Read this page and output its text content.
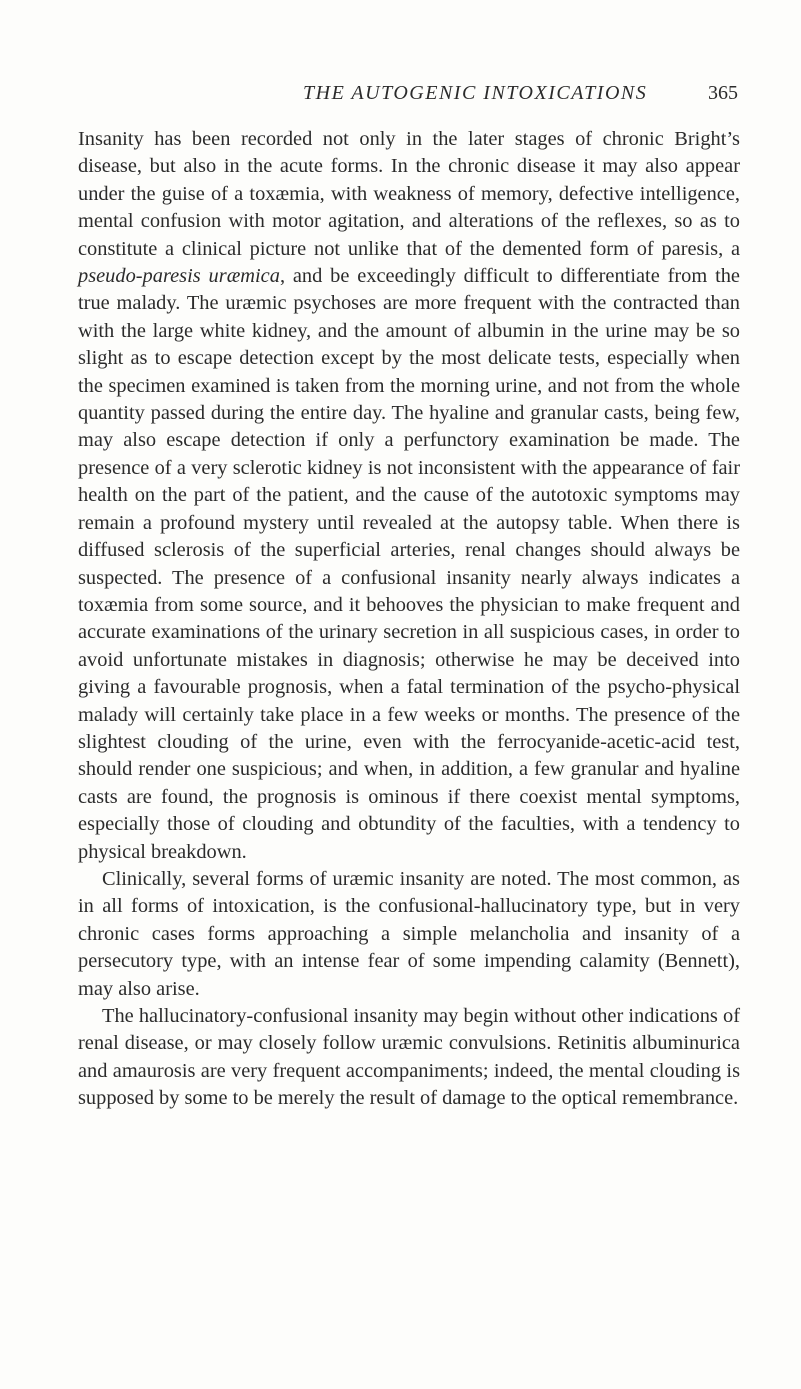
THE AUTOGENIC INTOXICATIONS	365

Insanity has been recorded not only in the later stages of chronic Bright’s disease, but also in the acute forms. In the chronic disease it may also appear under the guise of a toxæmia, with weakness of memory, defective intelligence, mental confusion with motor agitation, and alterations of the reflexes, so as to constitute a clinical picture not unlike that of the demented form of paresis, a pseudo-paresis uræmica, and be exceedingly difficult to differentiate from the true malady. The uræmic psychoses are more frequent with the contracted than with the large white kidney, and the amount of albumin in the urine may be so slight as to escape detection except by the most delicate tests, especially when the specimen examined is taken from the morning urine, and not from the whole quantity passed during the entire day. The hyaline and granular casts, being few, may also escape detection if only a perfunctory examination be made. The presence of a very sclerotic kidney is not inconsistent with the appearance of fair health on the part of the patient, and the cause of the autotoxic symptoms may remain a profound mystery until revealed at the autopsy table. When there is diffused sclerosis of the superficial arteries, renal changes should always be suspected. The presence of a confusional insanity nearly always indicates a toxæmia from some source, and it behooves the physician to make frequent and accurate examinations of the urinary secretion in all suspicious cases, in order to avoid unfortunate mistakes in diagnosis; otherwise he may be deceived into giving a favourable prognosis, when a fatal termination of the psycho-physical malady will certainly take place in a few weeks or months. The presence of the slightest clouding of the urine, even with the ferrocyanide-acetic-acid test, should render one suspicious; and when, in addition, a few granular and hyaline casts are found, the prognosis is ominous if there coexist mental symptoms, especially those of clouding and obtundity of the faculties, with a tendency to physical breakdown.

Clinically, several forms of uræmic insanity are noted. The most common, as in all forms of intoxication, is the confusional-hallucinatory type, but in very chronic cases forms approaching a simple melancholia and insanity of a persecutory type, with an intense fear of some impending calamity (Bennett), may also arise.

The hallucinatory-confusional insanity may begin without other indications of renal disease, or may closely follow uræmic convulsions. Retinitis albuminurica and amaurosis are very frequent accompaniments; indeed, the mental clouding is supposed by some to be merely the result of damage to the optical remembrance.
